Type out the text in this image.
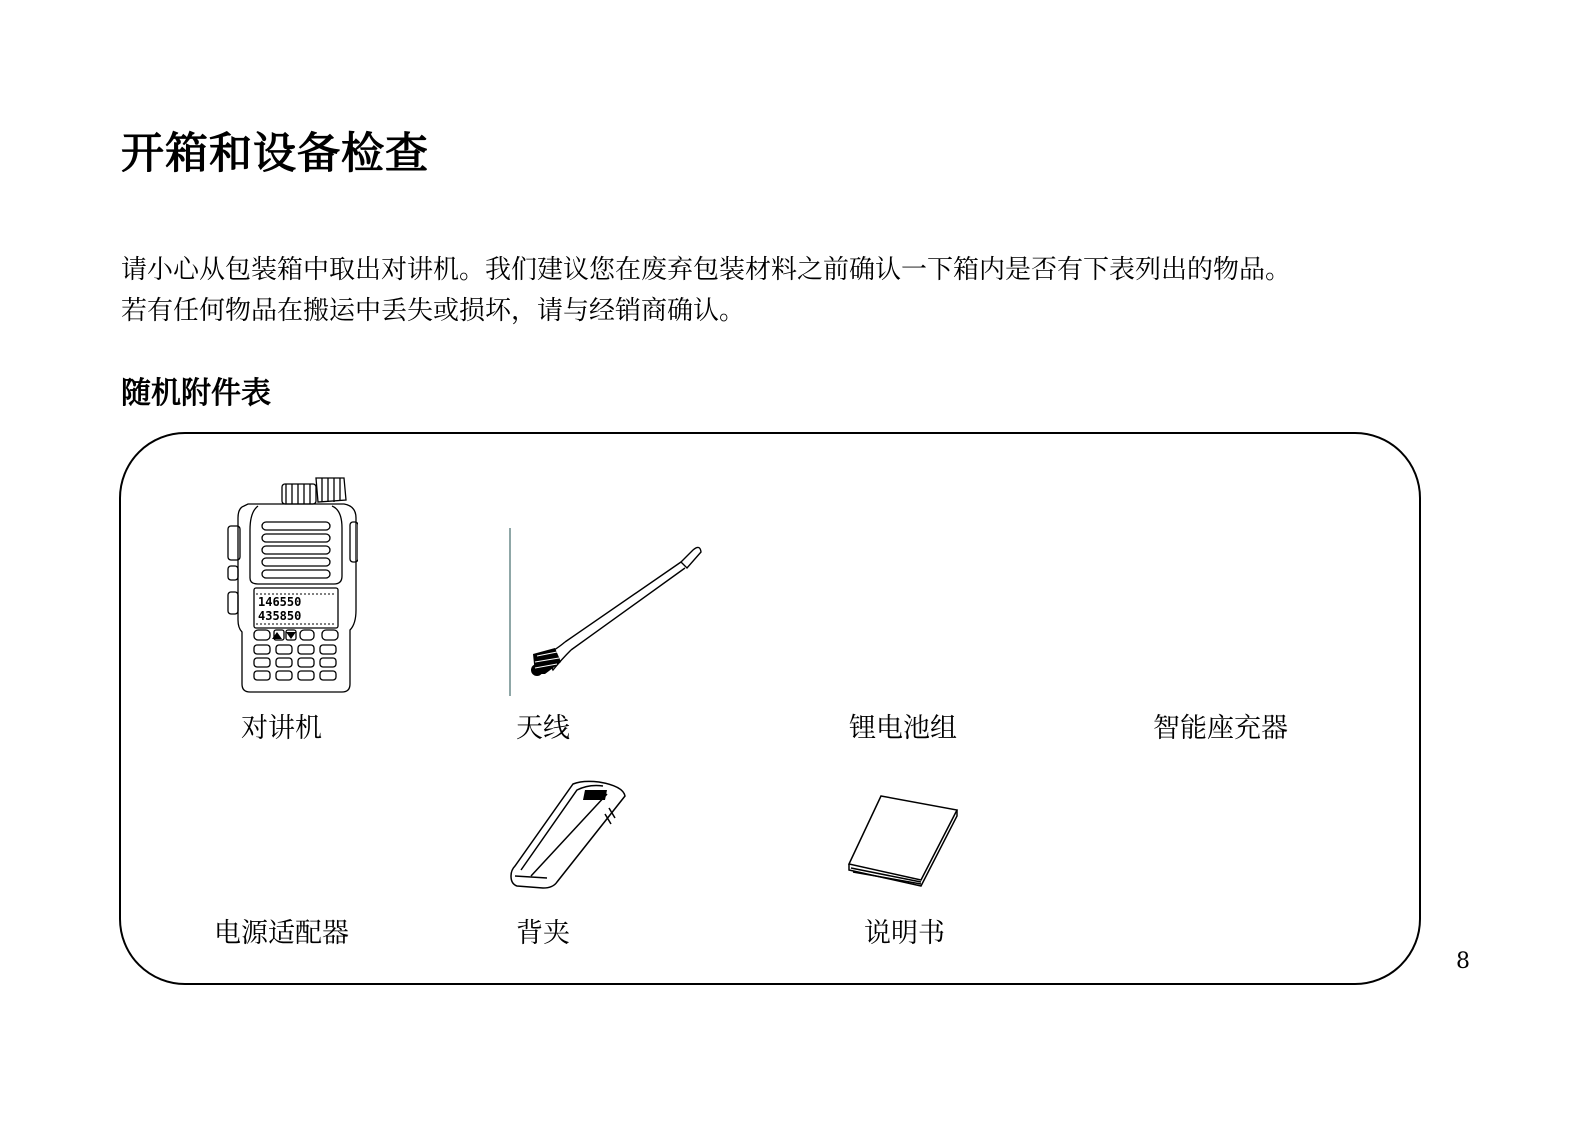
开箱和设备检查

请小心从包装箱中取出对讲机。我们建议您在废弃包装材料之前确认一下箱内是否有下表列出的物品。

若有任何物品在搬运中丢失或损坏，请与经销商确认。

随机附件表
146550
435850
对讲机	天线	锂电池组	智能座充器
电源适配器	背夹	说明书
8
